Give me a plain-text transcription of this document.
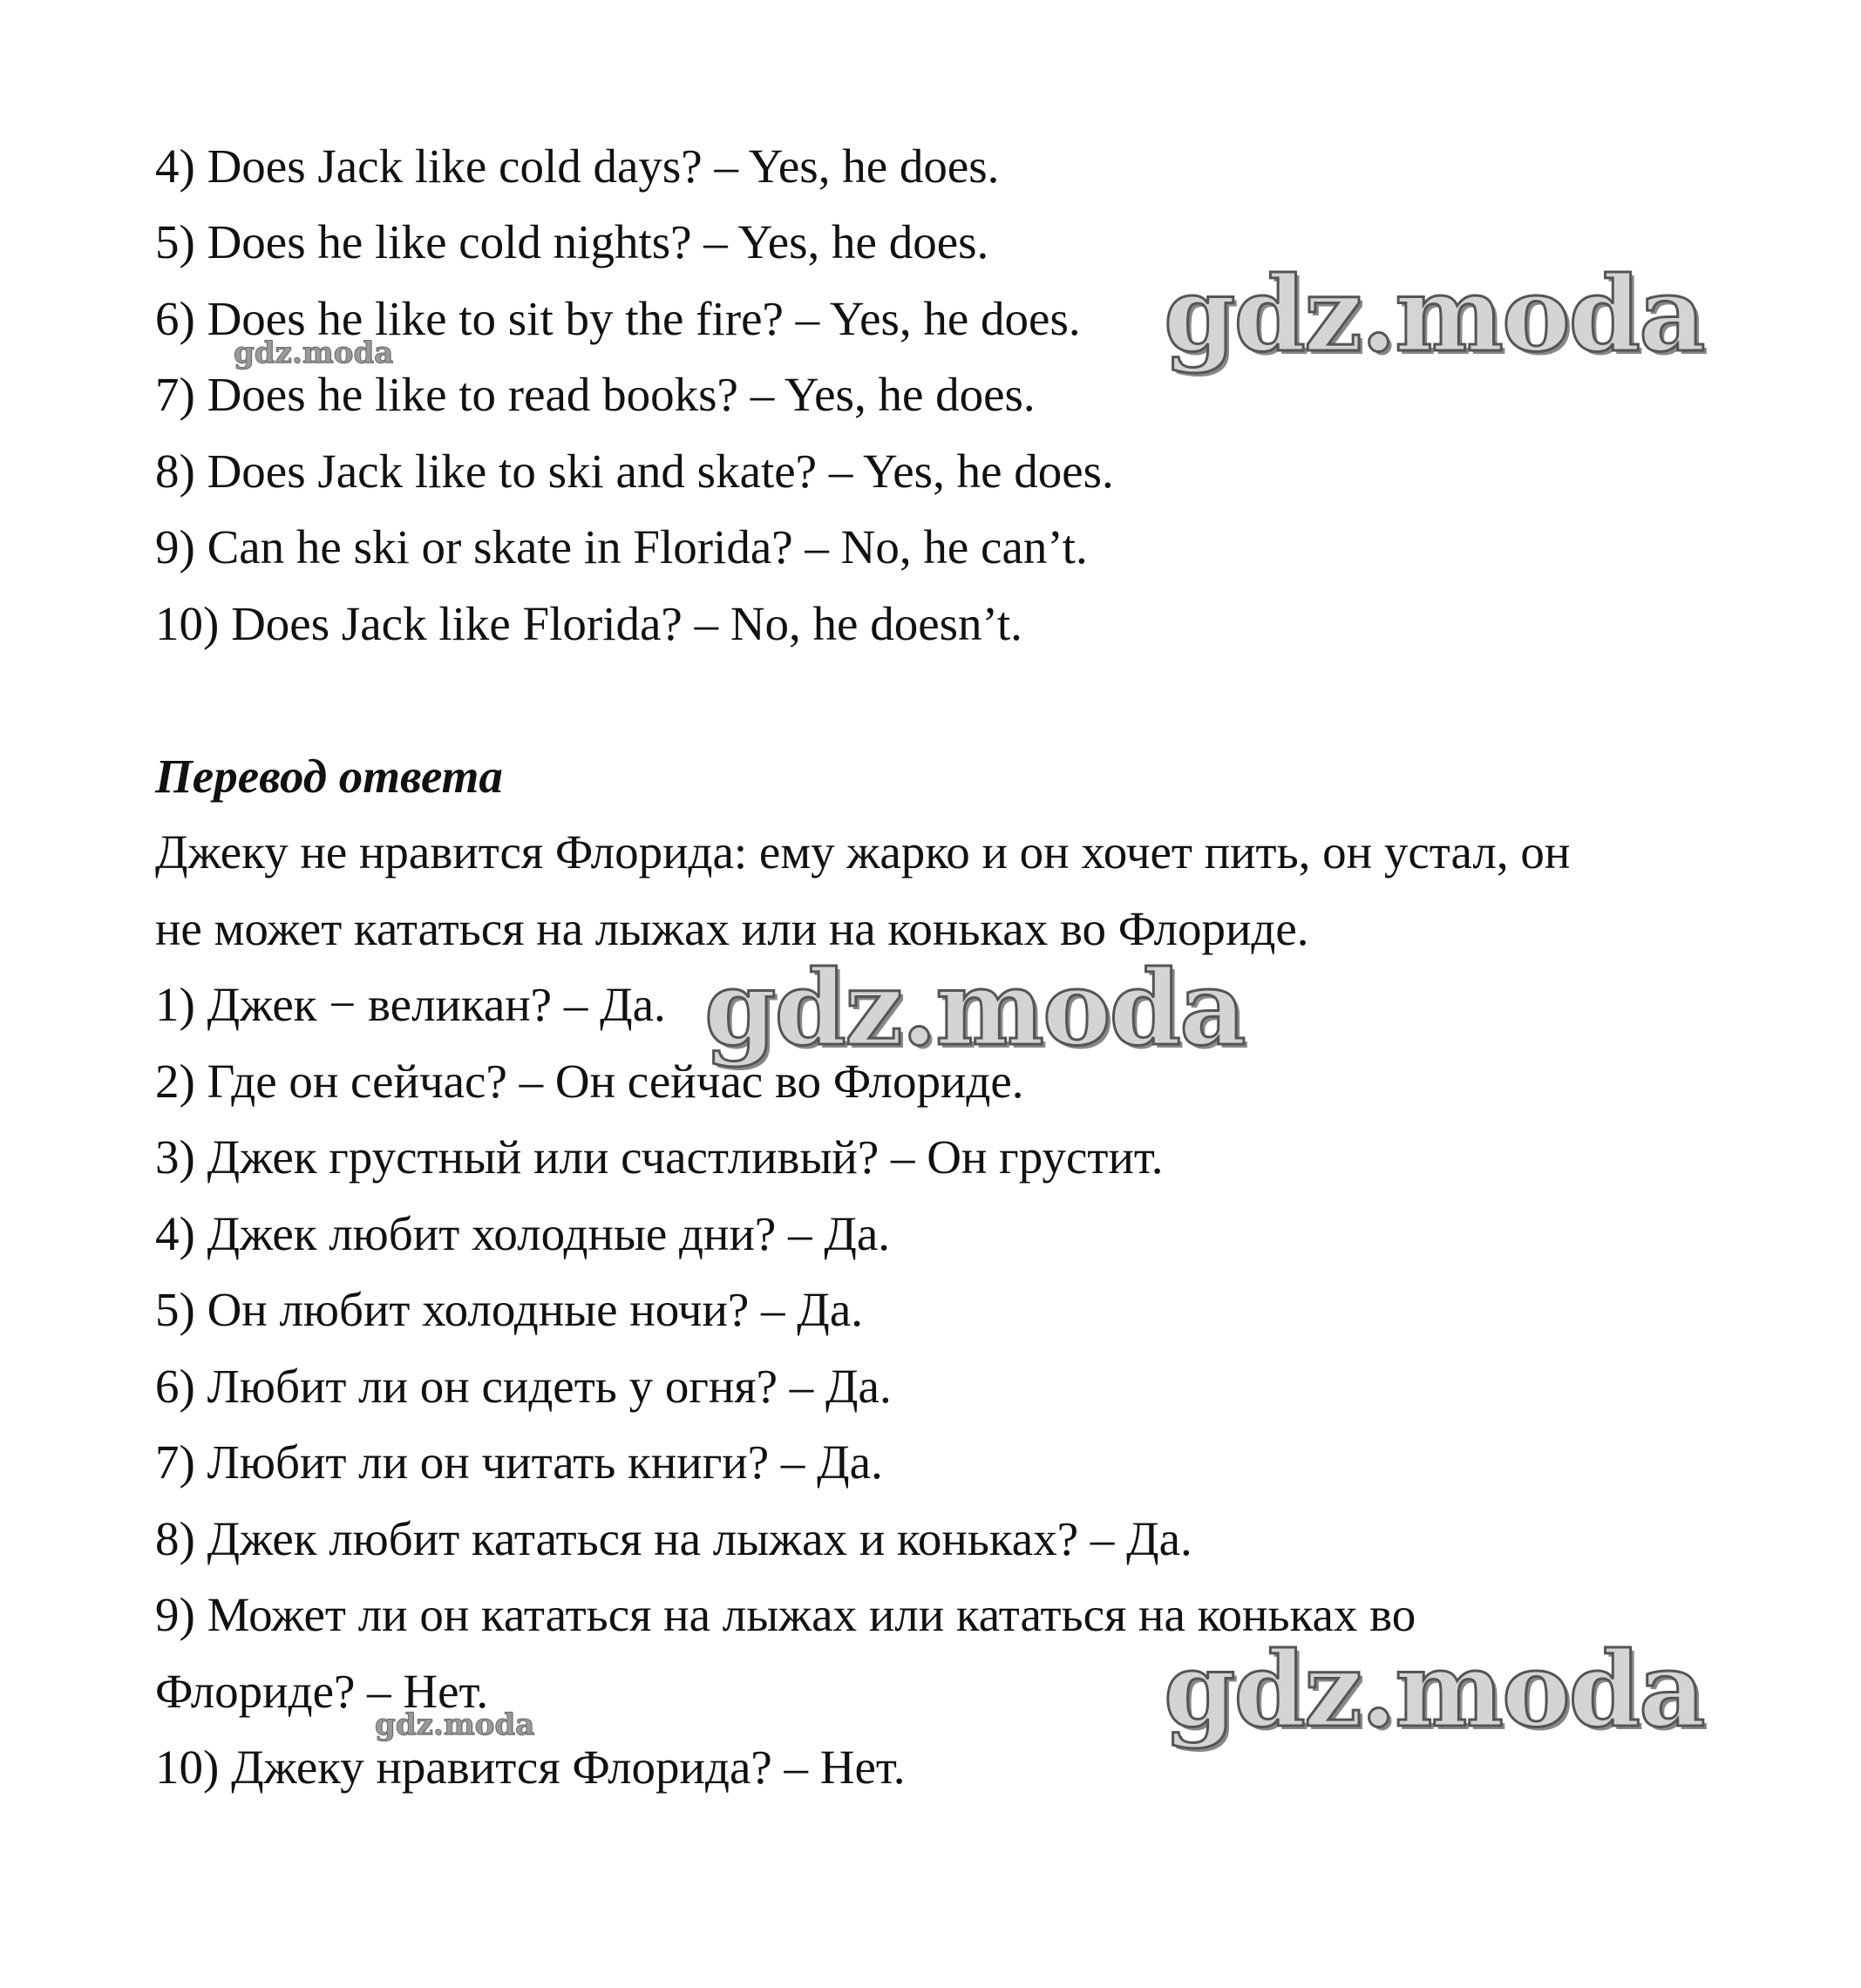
4) Does Jack like cold days? – Yes, he does.

5) Does he like cold nights? – Yes, he does.

6) Does he like to sit by the fire? – Yes, he does.

7) Does he like to read books? – Yes, he does.

8) Does Jack like to ski and skate? – Yes, he does.

9) Can he ski or skate in Florida? – No, he can’t.

10) Does Jack like Florida? – No, he doesn’t.

Перевод ответа

Джеку не нравится Флорида: ему жарко и он хочет пить, он устал, он

не может кататься на лыжах или на коньках во Флориде.

1) Джек − великан? – Да.

2) Где он сейчас? – Он сейчас во Флориде.

3) Джек грустный или счастливый? – Он грустит.

4) Джек любит холодные дни? – Да.

5) Он любит холодные ночи? – Да.

6) Любит ли он сидеть у огня? – Да.

7) Любит ли он читать книги? – Да.

8) Джек любит кататься на лыжах и коньках? – Да.

9) Может ли он кататься на лыжах или кататься на коньках во

Флориде? – Нет.

10) Джеку нравится Флорида? – Нет.

gdz.moda
gdz.moda
gdz.moda
gdz.moda
gdz.moda
